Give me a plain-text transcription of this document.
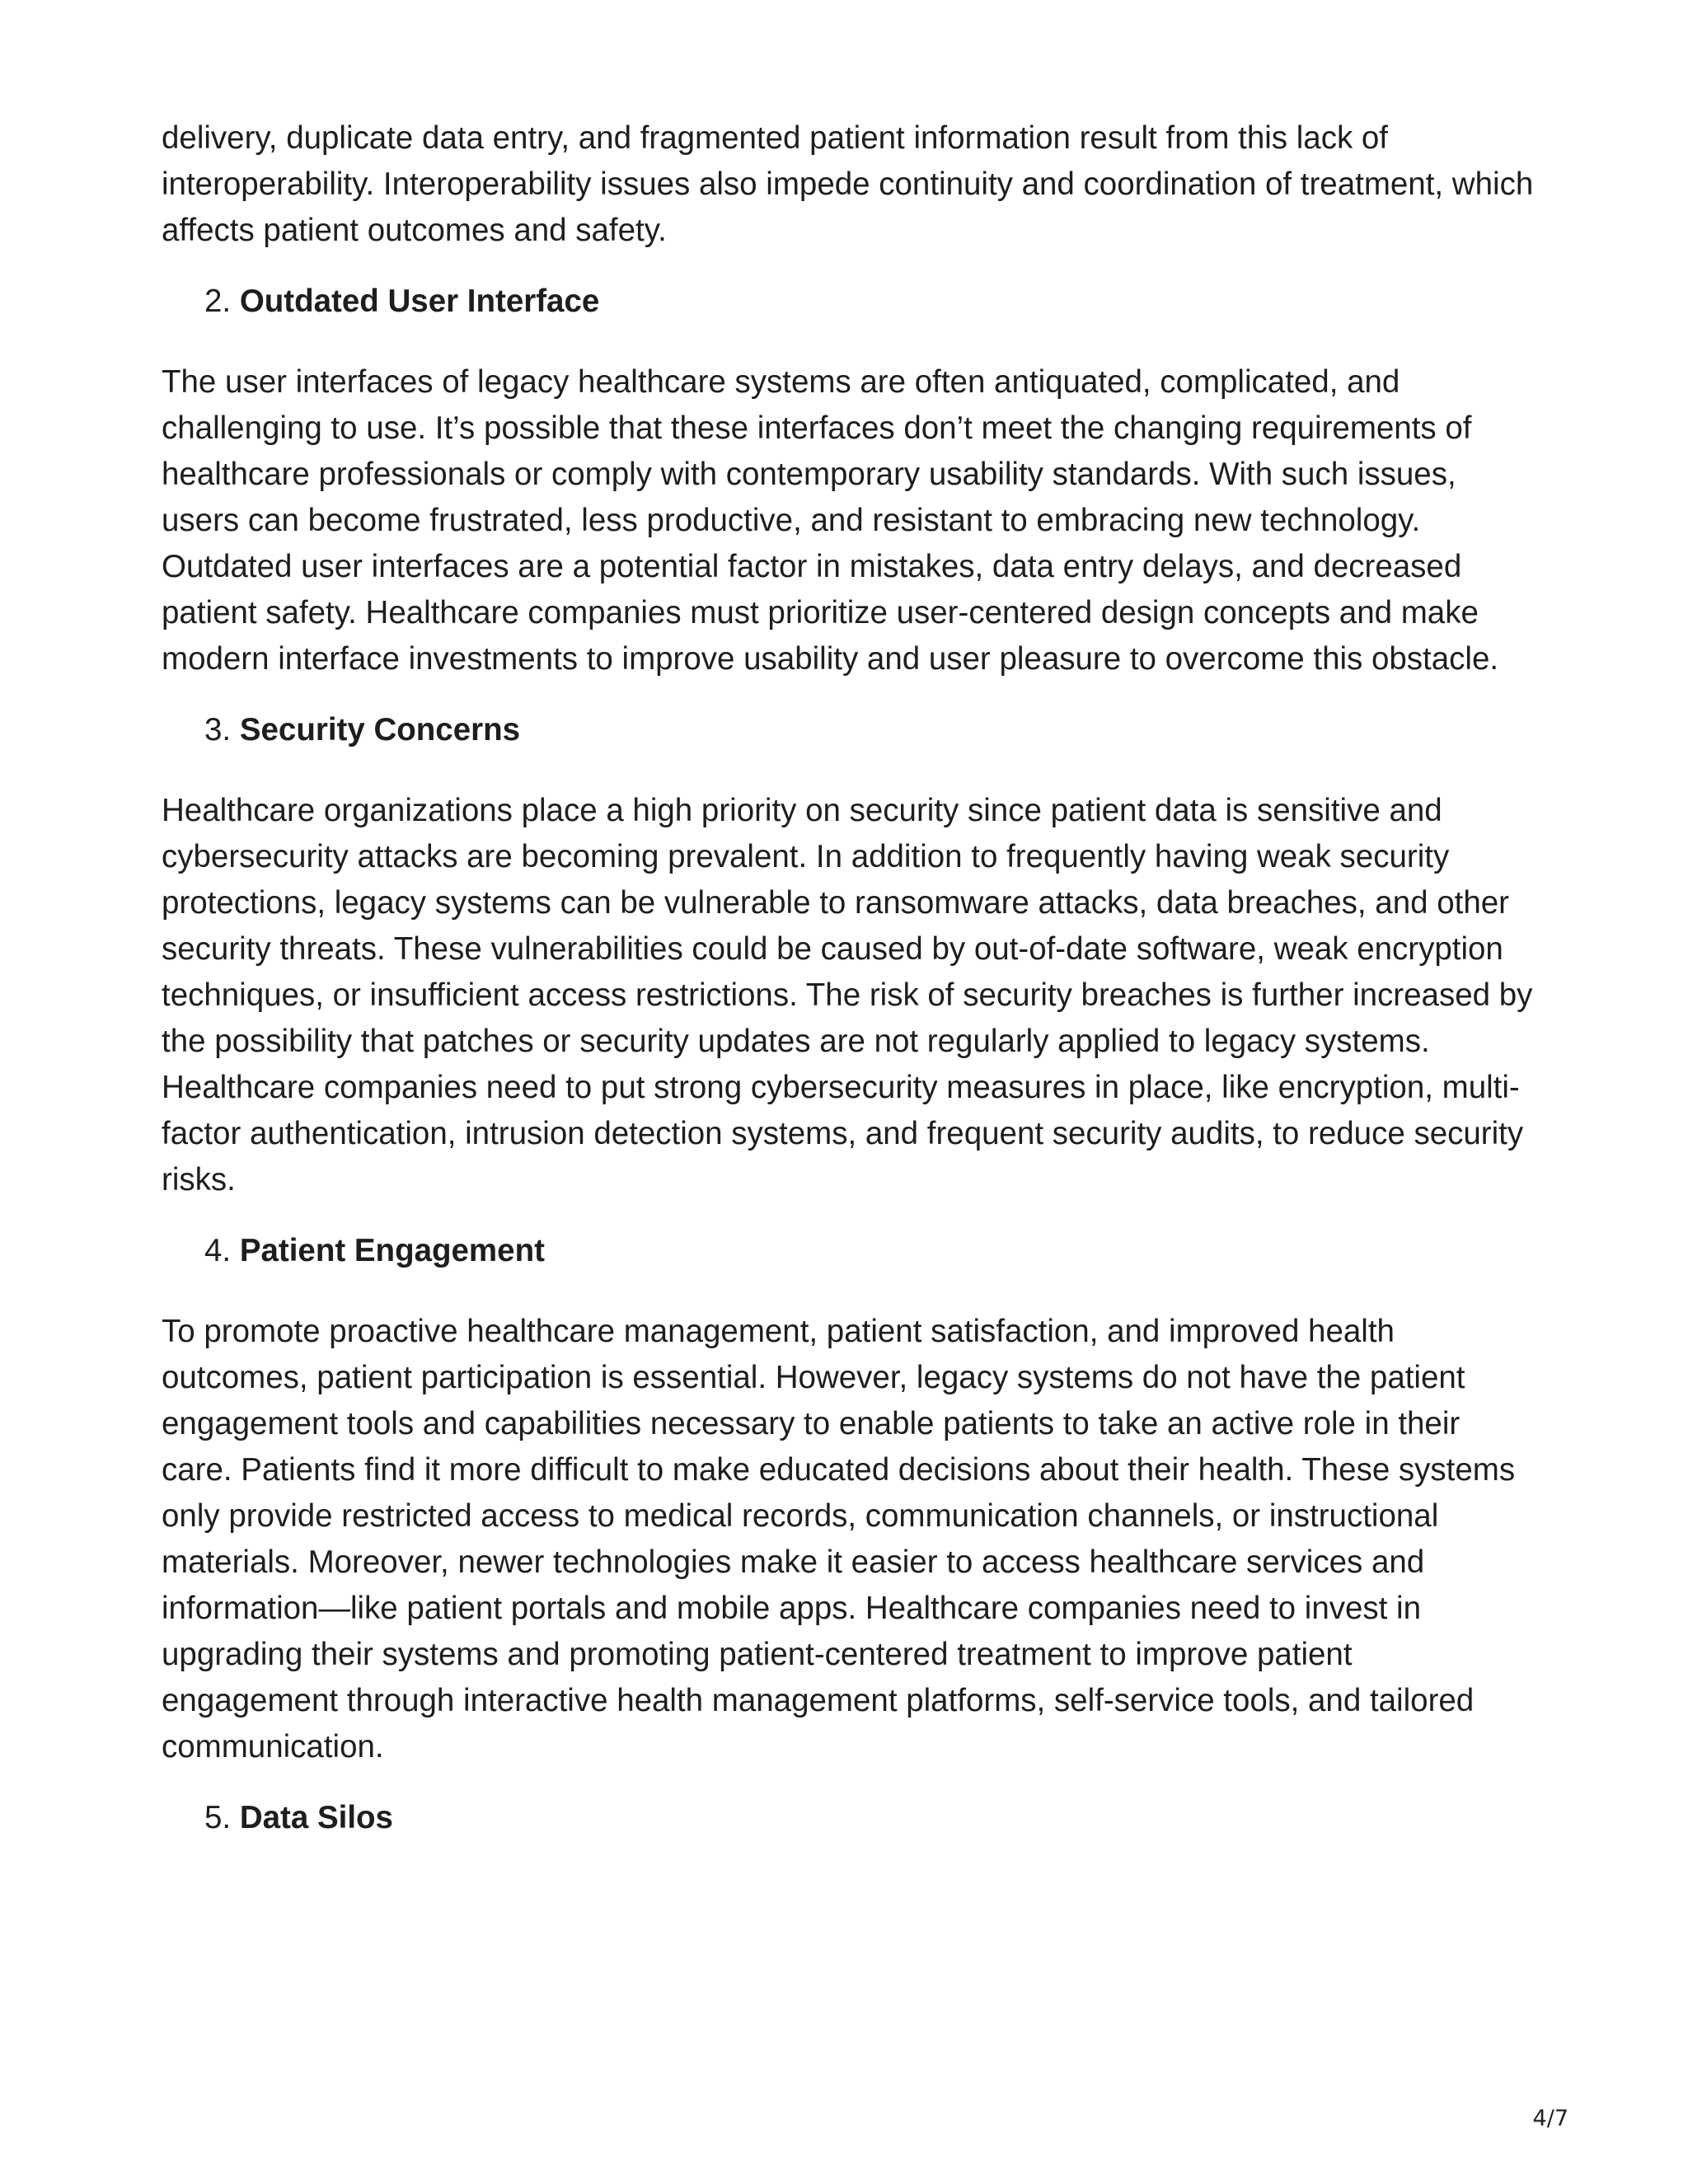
delivery, duplicate data entry, and fragmented patient information result from this lack of interoperability. Interoperability issues also impede continuity and coordination of treatment, which affects patient outcomes and safety.

2. Outdated User Interface

The user interfaces of legacy healthcare systems are often antiquated, complicated, and challenging to use. It’s possible that these interfaces don’t meet the changing requirements of healthcare professionals or comply with contemporary usability standards. With such issues, users can become frustrated, less productive, and resistant to embracing new technology. Outdated user interfaces are a potential factor in mistakes, data entry delays, and decreased patient safety. Healthcare companies must prioritize user-centered design concepts and make modern interface investments to improve usability and user pleasure to overcome this obstacle.

3. Security Concerns

Healthcare organizations place a high priority on security since patient data is sensitive and cybersecurity attacks are becoming prevalent. In addition to frequently having weak security protections, legacy systems can be vulnerable to ransomware attacks, data breaches, and other security threats. These vulnerabilities could be caused by out-of-date software, weak encryption techniques, or insufficient access restrictions. The risk of security breaches is further increased by the possibility that patches or security updates are not regularly applied to legacy systems. Healthcare companies need to put strong cybersecurity measures in place, like encryption, multi-factor authentication, intrusion detection systems, and frequent security audits, to reduce security risks.

4. Patient Engagement

To promote proactive healthcare management, patient satisfaction, and improved health outcomes, patient participation is essential. However, legacy systems do not have the patient engagement tools and capabilities necessary to enable patients to take an active role in their care. Patients find it more difficult to make educated decisions about their health. These systems only provide restricted access to medical records, communication channels, or instructional materials. Moreover, newer technologies make it easier to access healthcare services and information—like patient portals and mobile apps. Healthcare companies need to invest in upgrading their systems and promoting patient-centered treatment to improve patient engagement through interactive health management platforms, self-service tools, and tailored communication.

5. Data Silos
4/7
